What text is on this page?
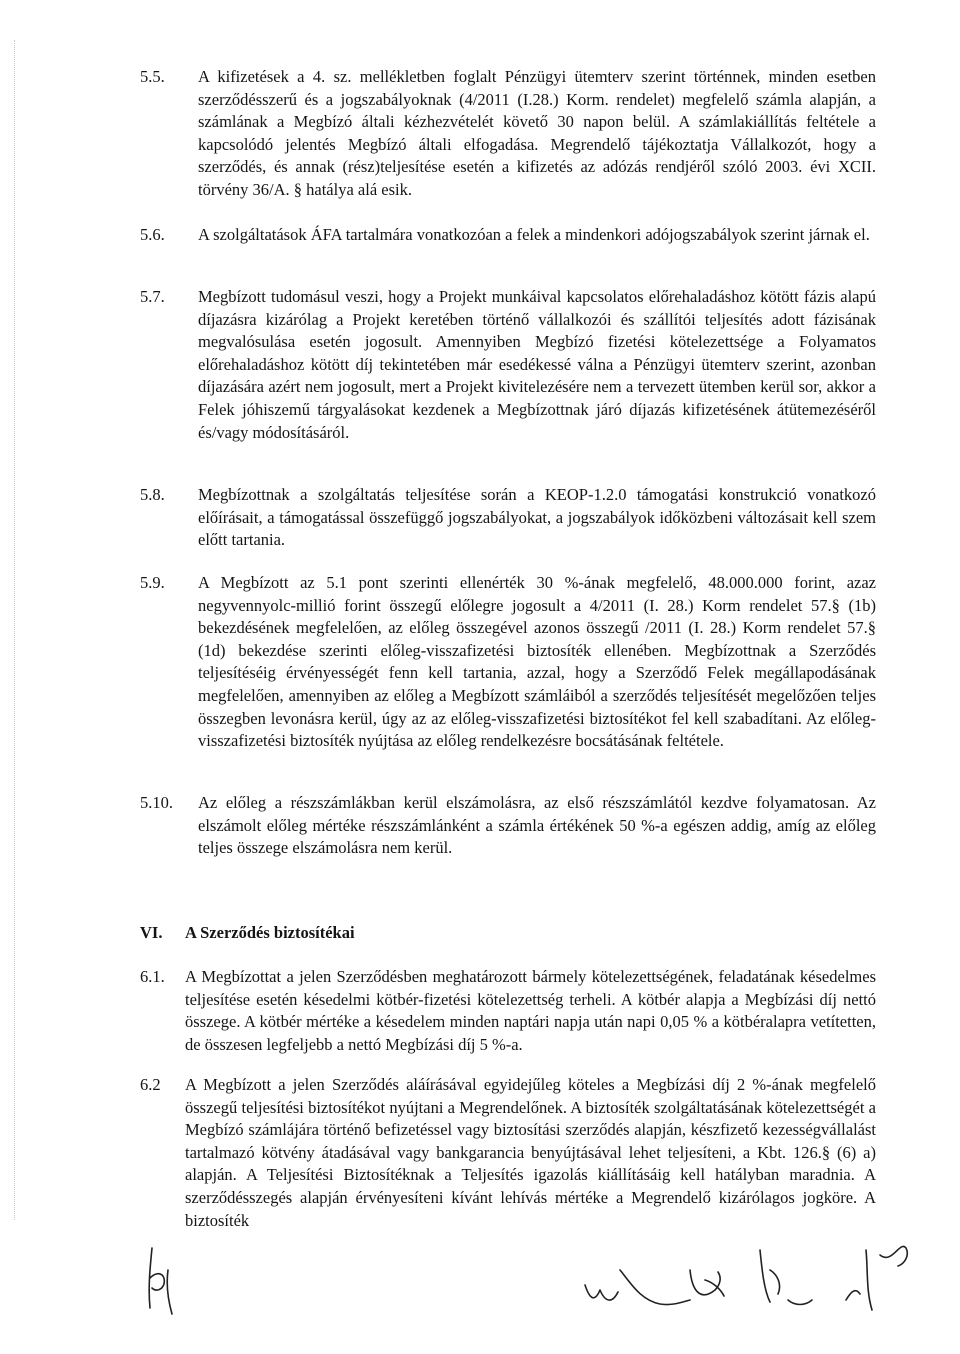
5.5. A kifizetések a 4. sz. mellékletben foglalt Pénzügyi ütemterv szerint történnek, minden esetben szerződésszerű és a jogszabályoknak (4/2011 (I.28.) Korm. rendelet) megfelelő számla alapján, a számlának a Megbízó általi kézhezvételét követő 30 napon belül. A számlakiállítás feltétele a kapcsolódó jelentés Megbízó általi elfogadása. Megrendelő tájékoztatja Vállalkozót, hogy a szerződés, és annak (rész)teljesítése esetén a kifizetés az adózás rendjéről szóló 2003. évi XCII. törvény 36/A. § hatálya alá esik.
5.6. A szolgáltatások ÁFA tartalmára vonatkozóan a felek a mindenkori adójogszabályok szerint járnak el.
5.7. Megbízott tudomásul veszi, hogy a Projekt munkáival kapcsolatos előrehaladáshoz kötött fázis alapú díjazásra kizárólag a Projekt keretében történő vállalkozói és szállítói teljesítés adott fázisának megvalósulása esetén jogosult. Amennyiben Megbízó fizetési kötelezettsége a Folyamatos előrehaladáshoz kötött díj tekintetében már esedékessé válna a Pénzügyi ütemterv szerint, azonban díjazására azért nem jogosult, mert a Projekt kivitelezésére nem a tervezett ütemben kerül sor, akkor a Felek jóhiszemű tárgyalásokat kezdenek a Megbízottnak járó díjazás kifizetésének átütemezéséről és/vagy módosításáról.
5.8. Megbízottnak a szolgáltatás teljesítése során a KEOP-1.2.0 támogatási konstrukció vonatkozó előírásait, a támogatással összefüggő jogszabályokat, a jogszabályok időközbeni változásait kell szem előtt tartania.
5.9. A Megbízott az 5.1 pont szerinti ellenérték 30 %-ának megfelelő, 48.000.000 forint, azaz negyvennyolc-millió forint összegű előlegre jogosult a 4/2011 (I. 28.) Korm rendelet 57.§ (1b) bekezdésének megfelelően, az előleg összegével azonos összegű /2011 (I. 28.) Korm rendelet 57.§ (1d) bekezdése szerinti előleg-visszafizetési biztosíték ellenében. Megbízottnak a Szerződés teljesítéséig érvényességét fenn kell tartania, azzal, hogy a Szerződő Felek megállapodásának megfelelően, amennyiben az előleg a Megbízott számláiból a szerződés teljesítését megelőzően teljes összegben levonásra kerül, úgy az az előleg-visszafizetési biztosítékot fel kell szabadítani. Az előleg-visszafizetési biztosíték nyújtása az előleg rendelkezésre bocsátásának feltétele.
5.10. Az előleg a részszámlákban kerül elszámolásra, az első részszámlától kezdve folyamatosan. Az elszámolt előleg mértéke részszámlánként a számla értékének 50 %-a egészen addig, amíg az előleg teljes összege elszámolásra nem kerül.
VI. A Szerződés biztosítékai
6.1. A Megbízottat a jelen Szerződésben meghatározott bármely kötelezettségének, feladatának késedelmes teljesítése esetén késedelmi kötbér-fizetési kötelezettség terheli. A kötbér alapja a Megbízási díj nettó összege. A kötbér mértéke a késedelem minden naptári napja után napi 0,05 % a kötbéralapra vetítetten, de összesen legfeljebb a nettó Megbízási díj 5 %-a.
6.2 A Megbízott a jelen Szerződés aláírásával egyidejűleg köteles a Megbízási díj 2 %-ának megfelelő összegű teljesítési biztosítékot nyújtani a Megrendelőnek. A biztosíték szolgáltatásának kötelezettségét a Megbízó számlájára történő befizetéssel vagy biztosítási szerződés alapján, készfizető kezességvállalást tartalmazó kötvény átadásával vagy bankgarancia benyújtásával lehet teljesíteni, a Kbt. 126.§ (6) a) alapján. A Teljesítési Biztosítéknak a Teljesítés igazolás kiállításáig kell hatályban maradnia. A szerződésszegés alapján érvényesíteni kívánt lehívás mértéke a Megrendelő kizárólagos jogköre. A biztosíték
